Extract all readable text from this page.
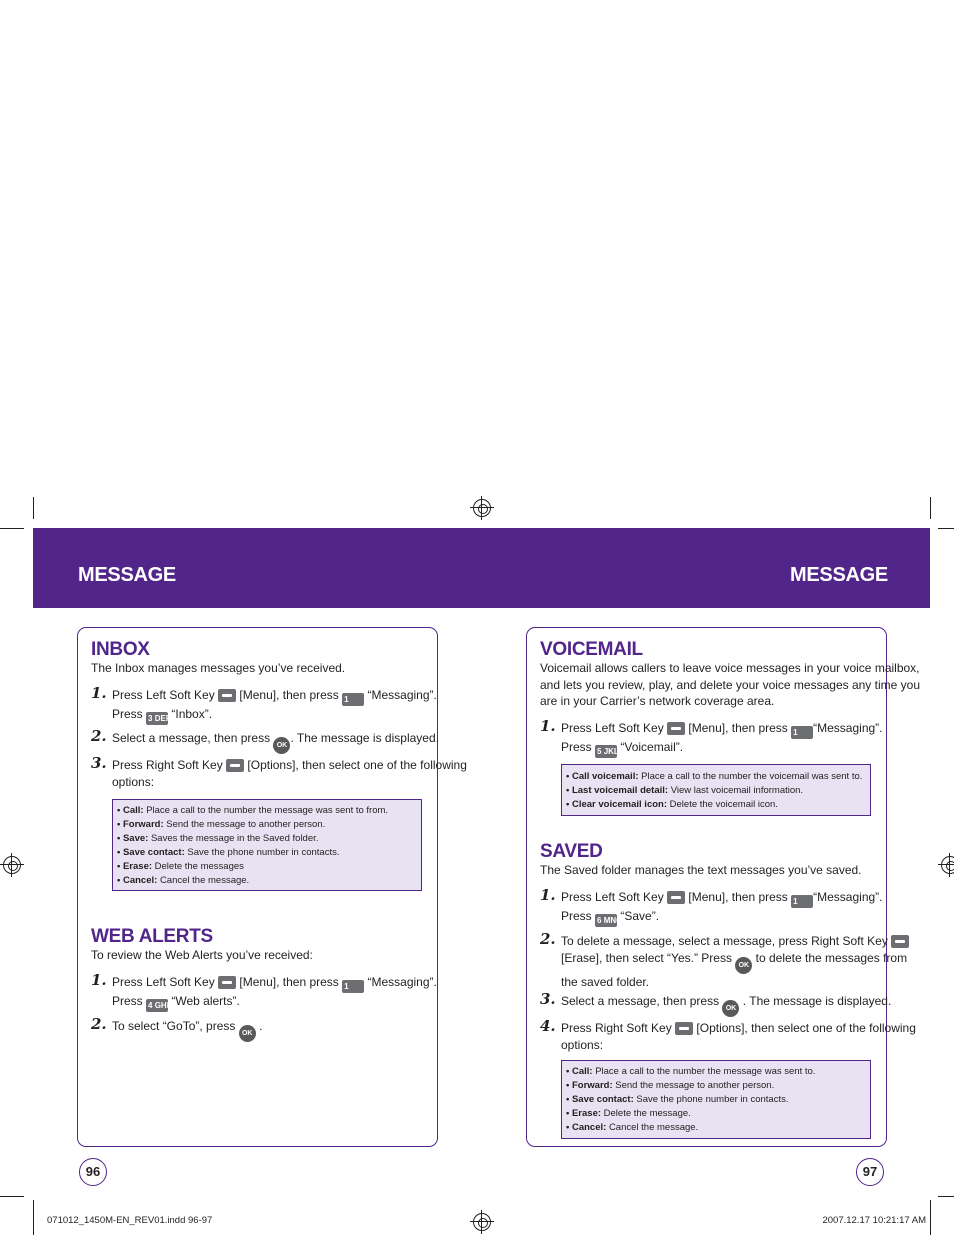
MESSAGE	MESSAGE
INBOX
The Inbox manages messages you’ve received.
1. Press Left Soft Key [Menu], then press 1 “Messaging”.
Press 3 DEF “Inbox”.
2. Select a message, then press OK. The message is displayed.
3. Press Right Soft Key [Options], then select one of the following
options:
• Call: Place a call to the number the message was sent to from.
• Forward: Send the message to another person.
• Save: Saves the message in the Saved folder.
• Save contact: Save the phone number in contacts.
• Erase: Delete the messages
• Cancel: Cancel the message.
WEB ALERTS
To review the Web Alerts you’ve received:
1. Press Left Soft Key [Menu], then press 1 “Messaging”.
Press 4 GHI “Web alerts”.
2. To select “GoTo”, press OK .
VOICEMAIL
Voicemail allows callers to leave voice messages in your voice mailbox,
and lets you review, play, and delete your voice messages any time you
are in your Carrier’s network coverage area.
1. Press Left Soft Key [Menu], then press 1 “Messaging”.
Press 5 JKL “Voicemail”.
• Call voicemail: Place a call to the number the voicemail was sent to.
• Last voicemail detail: View last voicemail information.
• Clear voicemail icon: Delete the voicemail icon.
SAVED
The Saved folder manages the text messages you’ve saved.
1. Press Left Soft Key [Menu], then press 1 “Messaging”.
Press 6 MNO “Save”.
2. To delete a message, select a message, press Right Soft Key
[Erase], then select “Yes.” Press OK to delete the messages from
the saved folder.
3. Select a message, then press OK . The message is displayed.
4. Press Right Soft Key [Options], then select one of the following
options:
• Call: Place a call to the number the message was sent to.
• Forward: Send the message to another person.
• Save contact: Save the phone number in contacts.
• Erase: Delete the message.
• Cancel: Cancel the message.
96	97
071012_1450M-EN_REV01.indd 96-97	2007.12.17 10:21:17 AM
